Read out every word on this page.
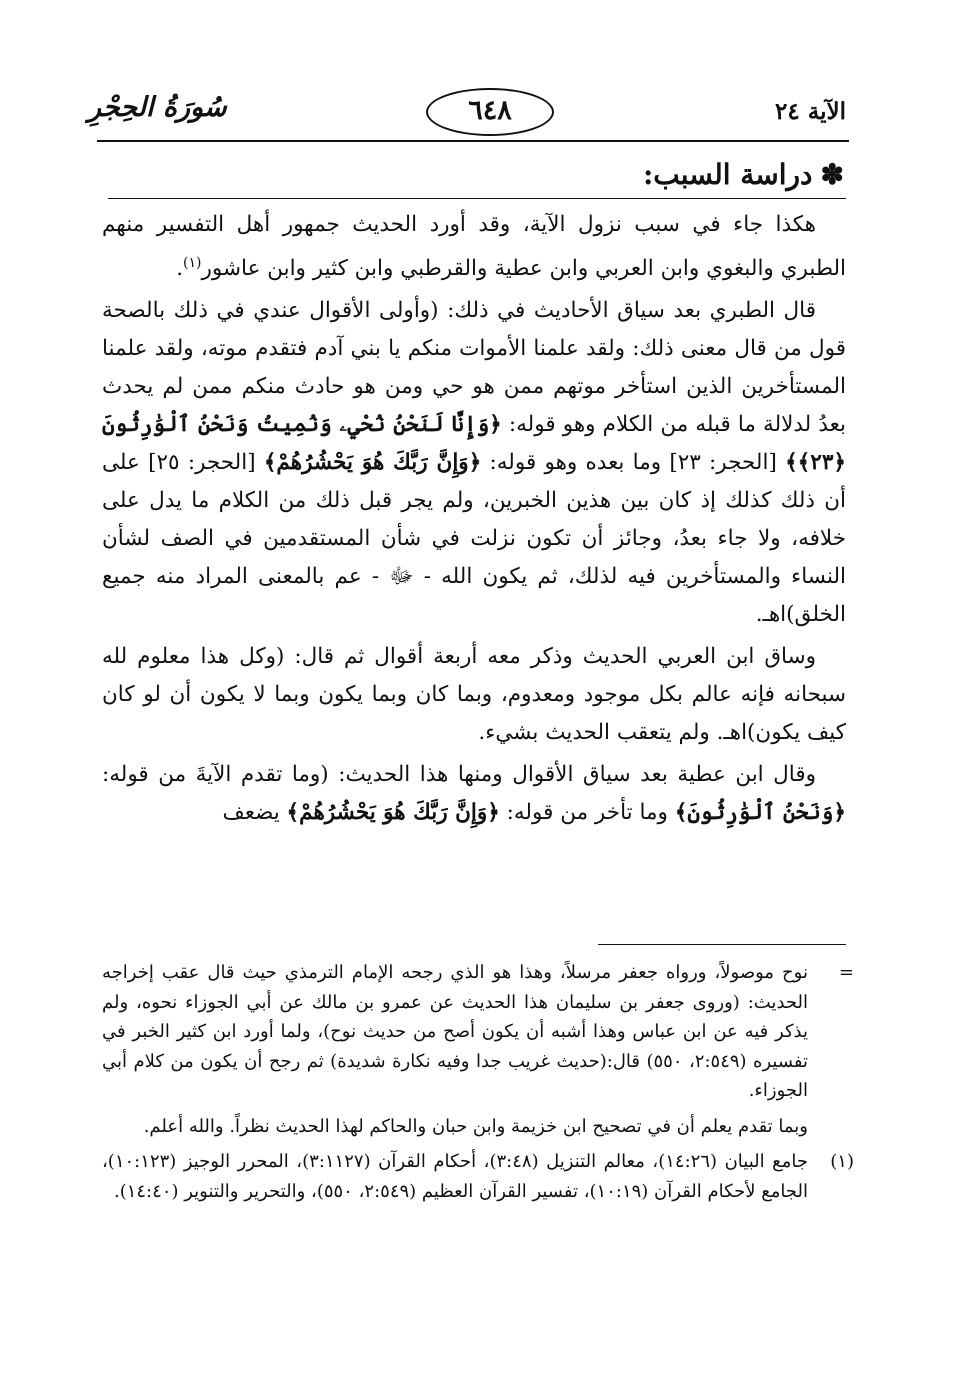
الآية ٢٤
٦٤٨
سُورَةُ الحِجْرِ
✽دراسة السبب:

هكذا جاء في سبب نزول الآية، وقد أورد الحديث جمهور أهل التفسير منهم الطبري والبغوي وابن العربي وابن عطية والقرطبي وابن كثير وابن عاشور$^{(١)}$.

قال الطبري بعد سياق الأحاديث في ذلك: (وأولى الأقوال عندي في ذلك بالصحة قول من قال معنى ذلك: ولقد علمنا الأموات منكم يا بني آدم فتقدم موته، ولقد علمنا المستأخرين الذين استأخر موتهم ممن هو حي ومن هو حادث منكم ممن لم يحدث بعدُ لدلالة ما قبله من الكلام وهو قوله: ﴿وَإِنَّا لَنَحْنُ نُحْيِۦ وَنُمِيتُ وَنَحْنُ ٱلْوَٰرِثُونَ ﴿٢٣﴾﴾ [الحجر: ٢٣] وما بعده وهو قوله: ﴿وَإِنَّ رَبَّكَ هُوَ يَحْشُرُهُمْ﴾ [الحجر: ٢٥] على أن ذلك كذلك إذ كان بين هذين الخبرين، ولم يجر قبل ذلك من الكلام ما يدل على خلافه، ولا جاء بعدُ، وجائز أن تكون نزلت في شأن المستقدمين في الصف لشأن النساء والمستأخرين فيه لذلك، ثم يكون الله - ﷻ - عم بالمعنى المراد منه جميع الخلق)اهـ.

وساق ابن العربي الحديث وذكر معه أربعة أقوال ثم قال: (وكل هذا معلوم لله سبحانه فإنه عالم بكل موجود ومعدوم، وبما كان وبما يكون وبما لا يكون أن لو كان كيف يكون)اهـ. ولم يتعقب الحديث بشيء.

وقال ابن عطية بعد سياق الأقوال ومنها هذا الحديث: (وما تقدم الآيةَ من قوله: ﴿وَنَحْنُ ٱلْوَٰرِثُونَ﴾ وما تأخر من قوله: ﴿وَإِنَّ رَبَّكَ هُوَ يَحْشُرُهُمْ﴾ يضعف

=
نوح موصولاً، ورواه جعفر مرسلاً، وهذا هو الذي رجحه الإمام الترمذي حيث قال عقب إخراجه الحديث: (وروى جعفر بن سليمان هذا الحديث عن عمرو بن مالك عن أبي الجوزاء نحوه، ولم يذكر فيه عن ابن عباس وهذا أشبه أن يكون أصح من حديث نوح)، ولما أورد ابن كثير الخبر في تفسيره (٢:٥٤٩، ٥٥٠) قال:(حديث غريب جدا وفيه نكارة شديدة) ثم رجح أن يكون من كلام أبي الجوزاء.
وبما تقدم يعلم أن في تصحيح ابن خزيمة وابن حبان والحاكم لهذا الحديث نظراً. والله أعلم.
(١)
جامع البيان (١٤:٢٦)، معالم التنزيل (٣:٤٨)، أحكام القرآن (٣:١١٢٧)، المحرر الوجيز (١٠:١٢٣)، الجامع لأحكام القرآن (١٠:١٩)، تفسير القرآن العظيم (٢:٥٤٩، ٥٥٠)، والتحرير والتنوير (١٤:٤٠).
